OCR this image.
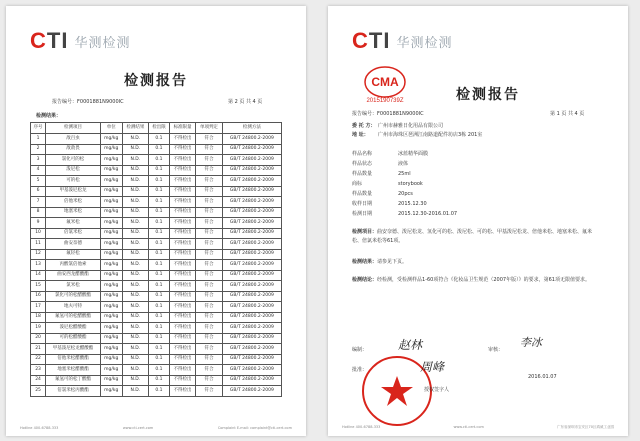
CTI 华测检测
检测报告
报告编号：F0001881N9000IC	第 2 页 共 4 页
检测结果：
序号	检测项目	单位	检测结果	检出限	标准限量	单项判定	检测方法
1	敌百虫	mg/kg	N.D.	0.1	不得检出	符合	GB/T 24800.2-2009
2	敌敌畏	mg/kg	N.D.	0.1	不得检出	符合	GB/T 24800.2-2009
3	氯化可的松	mg/kg	N.D.	0.1	不得检出	符合	GB/T 24800.2-2009
4	泼尼松	mg/kg	N.D.	0.1	不得检出	符合	GB/T 24800.2-2009
5	可的松	mg/kg	N.D.	0.1	不得检出	符合	GB/T 24800.2-2009
6	甲基泼尼松龙	mg/kg	N.D.	0.1	不得检出	符合	GB/T 24800.2-2009
7	倍他米松	mg/kg	N.D.	0.1	不得检出	符合	GB/T 24800.2-2009
8	地塞米松	mg/kg	N.D.	0.1	不得检出	符合	GB/T 24800.2-2009
9	氟米松	mg/kg	N.D.	0.1	不得检出	符合	GB/T 24800.2-2009
10	倍氯米松	mg/kg	N.D.	0.1	不得检出	符合	GB/T 24800.2-2009
11	曲安奈德	mg/kg	N.D.	0.1	不得检出	符合	GB/T 24800.2-2009
12	氟轻松	mg/kg	N.D.	0.1	不得检出	符合	GB/T 24800.2-2009
13	丙酸氯倍他索	mg/kg	N.D.	0.1	不得检出	符合	GB/T 24800.2-2009
14	曲安西龙醋酸酯	mg/kg	N.D.	0.1	不得检出	符合	GB/T 24800.2-2009
15	氯米松	mg/kg	N.D.	0.1	不得检出	符合	GB/T 24800.2-2009
16	氯化可的松醋酸酯	mg/kg	N.D.	0.1	不得检出	符合	GB/T 24800.2-2009
17	地夫可特	mg/kg	N.D.	0.1	不得检出	符合	GB/T 24800.2-2009
18	氟氢可的松醋酸酯	mg/kg	N.D.	0.1	不得检出	符合	GB/T 24800.2-2009
19	泼尼松醋酸酯	mg/kg	N.D.	0.1	不得检出	符合	GB/T 24800.2-2009
20	可的松醋酸酯	mg/kg	N.D.	0.1	不得检出	符合	GB/T 24800.2-2009
21	甲基泼尼松龙醋酸酯	mg/kg	N.D.	0.1	不得检出	符合	GB/T 24800.2-2009
22	倍他米松醋酸酯	mg/kg	N.D.	0.1	不得检出	符合	GB/T 24800.2-2009
23	地塞米松醋酸酯	mg/kg	N.D.	0.1	不得检出	符合	GB/T 24800.2-2009
24	氟氢可的松丁酸酯	mg/kg	N.D.	0.1	不得检出	符合	GB/T 24800.2-2009
25	倍氯米松丙酸酯	mg/kg	N.D.	0.1	不得检出	符合	GB/T 24800.2-2009
Hotline 400-6788-333	www.cti-cert.com	Complaint E-mail: complaint@cti-cert.com
CTI 华测检测
CMA
2015190739Z	检测报告
报告编号：F0001881N9000IC	第 1 页 共 4 页
委 托 方： 广州市赫雅日化用品有限公司
地 址： 广州市海珠区琶洲江南路道配件坊店3栋 201室
样品名称	冰蓝精华面膜
样品状态	液体
样品数量	25ml
商标	storybook
样品数量	20pcs
收样日期	2015.12.30
检测日期	2015.12.30-2016.01.07
检测项目：曲安奈德、泼尼松龙、氢化可的松、泼尼松、可的松、甲基泼尼松龙、倍他米松、地塞米松、氟米松、倍氯米松等61项。
检测结果：请参见下页。
检测结论：经检测，受检测样品1-60项符合《化妆品卫生规范（2007年版）》的要求，第61项无限值要求。
编制：	赵林	审核：
李冰
批准：	周峰
授权签字人
2016.01.07
Hotline 400-6788-333	www.cti-cert.com	广东省深圳市宝安区70区鸿威工业园
